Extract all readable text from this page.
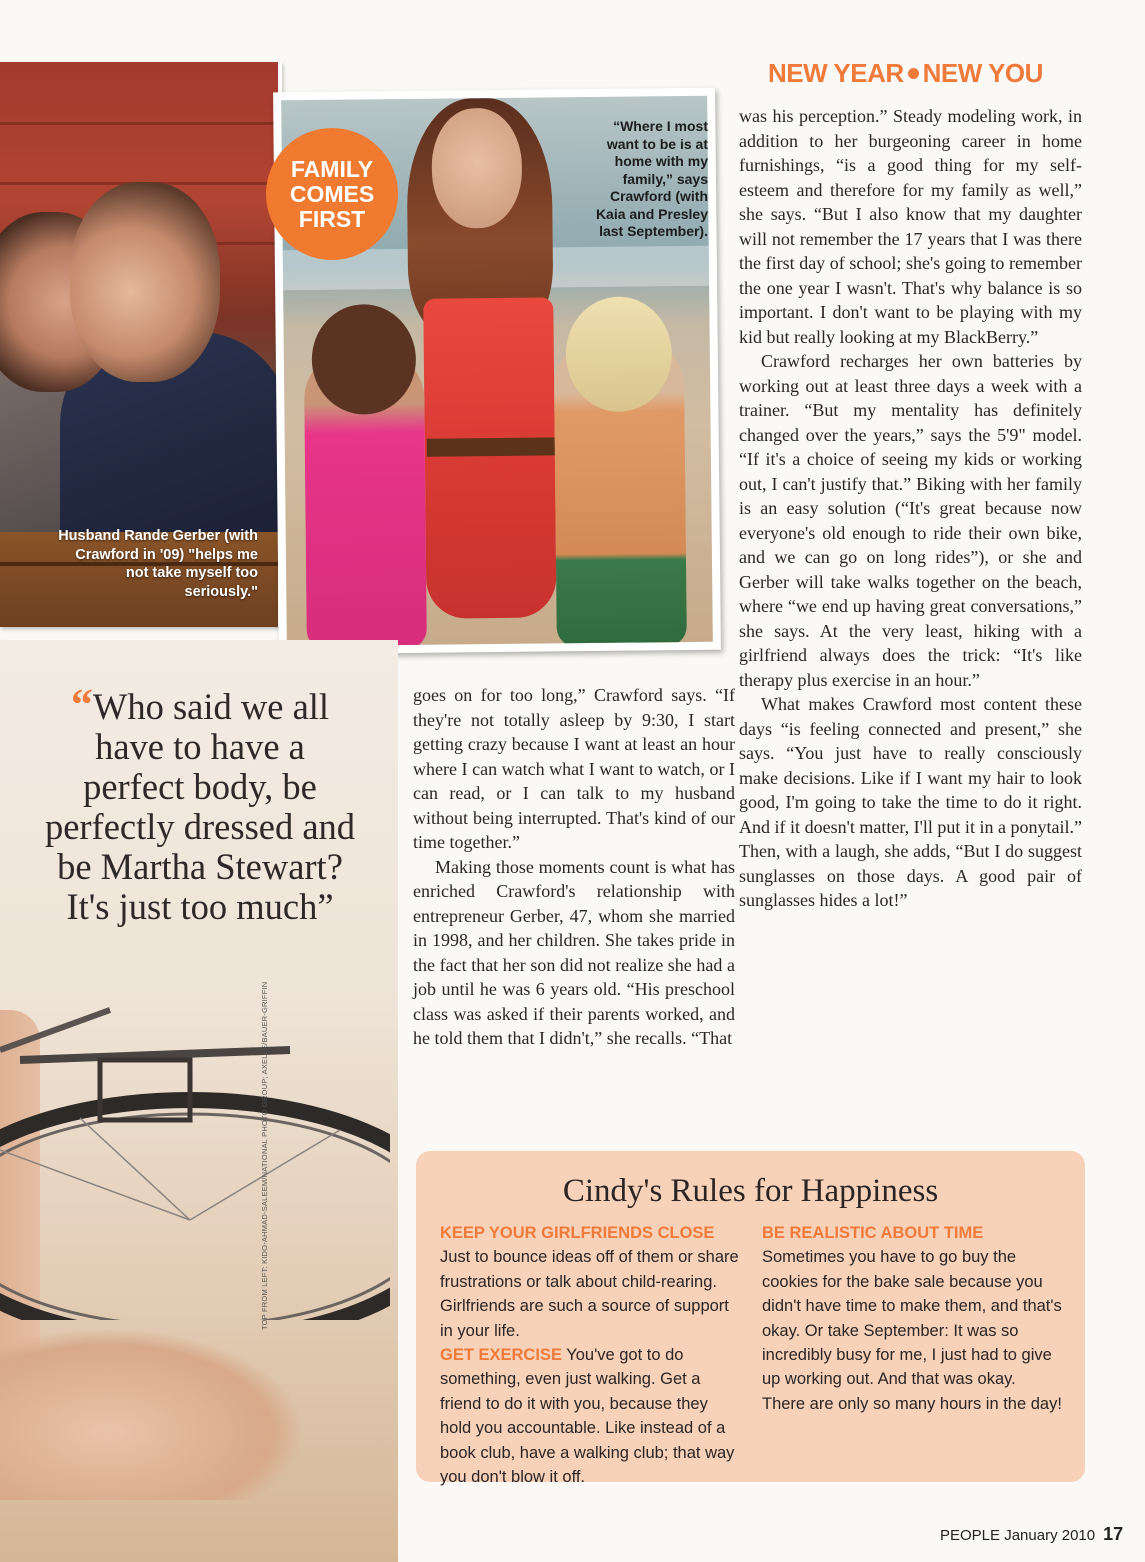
NEW YEAR NEW YOU
Husband Rande Gerber (with Crawford in '09) "helps me not take myself too seriously."
FAMILY
COMES
FIRST
“Where I most want to be is at home with my family,” says Crawford (with Kaia and Presley last September).
“Who said we all have to have a perfect body, be perfectly dressed and be Martha Stewart? It's just too much”
TOP FROM LEFT: KIDO-AHMAD-SALEEM/NATIONAL PHOTO GROUP; AXELLE/BAUER-GRIFFIN

goes on for too long,” Crawford says. “If they're not totally asleep by 9:30, I start getting crazy because I want at least an hour where I can watch what I want to watch, or I can read, or I can talk to my husband without being interrupted. That's kind of our time together.”

Making those moments count is what has enriched Crawford's relationship with entrepreneur Gerber, 47, whom she married in 1998, and her children. She takes pride in the fact that her son did not realize she had a job until he was 6 years old. “His preschool class was asked if their parents worked, and he told them that I didn't,” she recalls. “That

was his perception.” Steady modeling work, in addition to her burgeoning career in home furnishings, “is a good thing for my self-esteem and therefore for my family as well,” she says. “But I also know that my daughter will not remember the 17 years that I was there the first day of school; she's going to remember the one year I wasn't. That's why balance is so important. I don't want to be playing with my kid but really looking at my BlackBerry.”

Crawford recharges her own batteries by working out at least three days a week with a trainer. “But my mentality has definitely changed over the years,” says the 5'9" model. “If it's a choice of seeing my kids or working out, I can't justify that.” Biking with her family is an easy solution (“It's great because now everyone's old enough to ride their own bike, and we can go on long rides”), or she and Gerber will take walks together on the beach, where “we end up having great conversations,” she says. At the very least, hiking with a girlfriend always does the trick: “It's like therapy plus exercise in an hour.”

What makes Crawford most content these days “is feeling connected and present,” she says. “You just have to really consciously make decisions. Like if I want my hair to look good, I'm going to take the time to do it right. And if it doesn't matter, I'll put it in a ponytail.” Then, with a laugh, she adds, “But I do suggest sunglasses on those days. A good pair of sunglasses hides a lot!”

Cindy's Rules for Happiness

KEEP YOUR GIRLFRIENDS CLOSE Just to bounce ideas off of them or share frustrations or talk about child-rearing. Girlfriends are such a source of support in your life.

GET EXERCISE You've got to do something, even just walking. Get a friend to do it with you, because they hold you accountable. Like instead of a book club, have a walking club; that way you don't blow it off.

BE REALISTIC ABOUT TIME
Sometimes you have to go buy the cookies for the bake sale because you didn't have time to make them, and that's okay. Or take September: It was so incredibly busy for me, I just had to give up working out. And that was okay. There are only so many hours in the day!

PEOPLE January 2010 17
